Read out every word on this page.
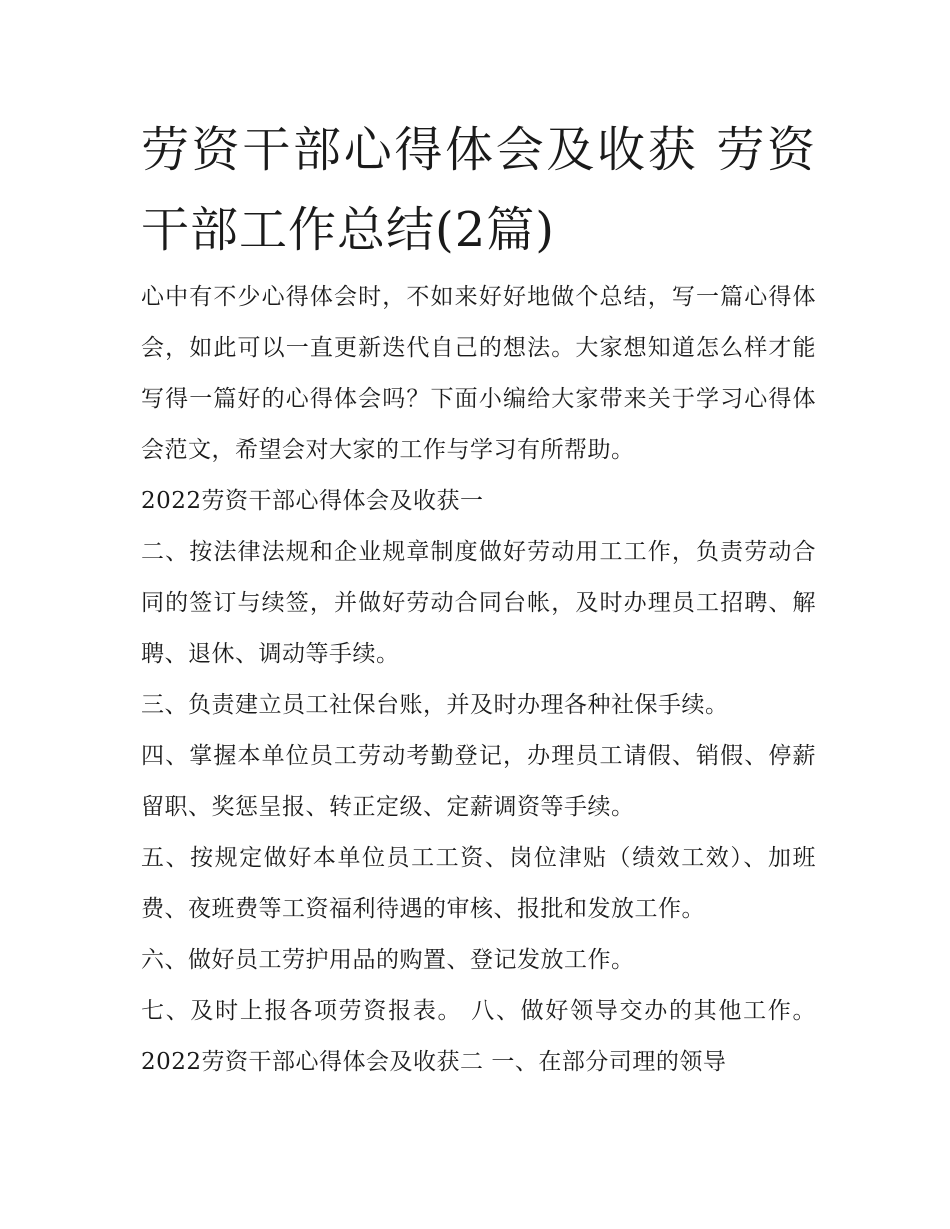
劳资干部心得体会及收获 劳资干部工作总结(2篇)

心中有不少心得体会时，不如来好好地做个总结，写一篇心得体会，如此可以一直更新迭代自己的想法。大家想知道怎么样才能写得一篇好的心得体会吗？下面小编给大家带来关于学习心得体会范文，希望会对大家的工作与学习有所帮助。

2022劳资干部心得体会及收获一

二、按法律法规和企业规章制度做好劳动用工工作，负责劳动合同的签订与续签，并做好劳动合同台帐，及时办理员工招聘、解聘、退休、调动等手续。

三、负责建立员工社保台账，并及时办理各种社保手续。

四、掌握本单位员工劳动考勤登记，办理员工请假、销假、停薪留职、奖惩呈报、转正定级、定薪调资等手续。

五、按规定做好本单位员工工资、岗位津贴（绩效工效）、加班费、夜班费等工资福利待遇的审核、报批和发放工作。

六、做好员工劳护用品的购置、登记发放工作。

七、及时上报各项劳资报表。 八、做好领导交办的其他工作。 2022劳资干部心得体会及收获二 一、在部分司理的领导
